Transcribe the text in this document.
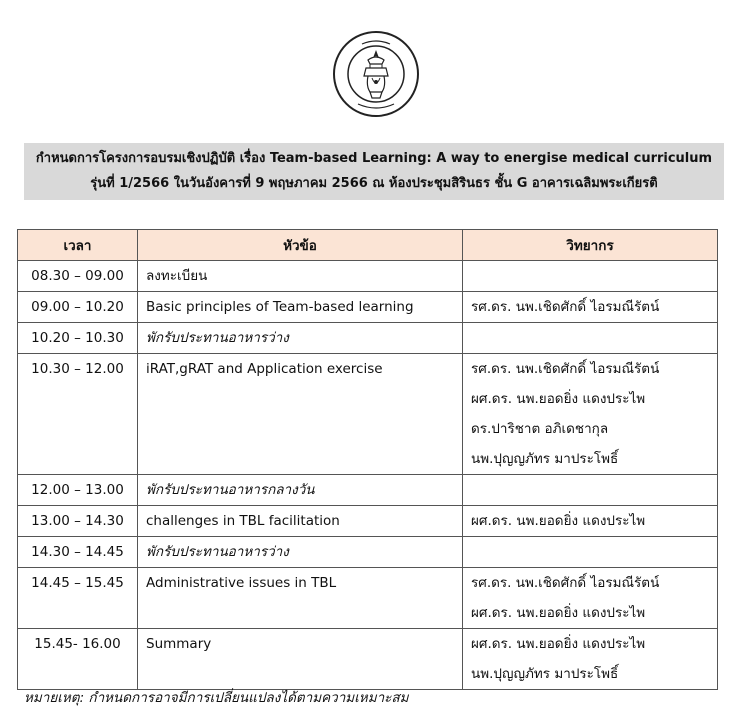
กำหนดการโครงการอบรมเชิงปฏิบัติ เรื่อง Team-based Learning: A way to energise medical curriculum
รุ่นที่ 1/2566 ในวันอังคารที่ 9 พฤษภาคม 2566 ณ ห้องประชุมสิรินธร ชั้น G อาคารเฉลิมพระเกียรติ
เวลา	หัวข้อ	วิทยากร
08.30 – 09.00	ลงทะเบียน	
09.00 – 10.20	Basic principles of Team-based learning	รศ.ดร. นพ.เชิดศักดิ์ ไอรมณีรัตน์

10.20 – 10.30	พักรับประทานอาหารว่าง	
10.30 – 12.00	iRAT,gRAT and Application exercise	รศ.ดร. นพ.เชิดศักดิ์ ไอรมณีรัตน์
ผศ.ดร. นพ.ยอดยิ่ง แดงประไพ
ดร.ปาริชาต อภิเดชากุล
นพ.ปุญญภัทร มาประโพธิ์

12.00 – 13.00	พักรับประทานอาหารกลางวัน	
13.00 – 14.30	challenges in TBL facilitation	ผศ.ดร. นพ.ยอดยิ่ง แดงประไพ

14.30 – 14.45	พักรับประทานอาหารว่าง	
14.45 – 15.45	Administrative issues in TBL	รศ.ดร. นพ.เชิดศักดิ์ ไอรมณีรัตน์
ผศ.ดร. นพ.ยอดยิ่ง แดงประไพ

15.45- 16.00	Summary	ผศ.ดร. นพ.ยอดยิ่ง แดงประไพ
นพ.ปุญญภัทร มาประโพธิ์
หมายเหตุ: กำหนดการอาจมีการเปลี่ยนแปลงได้ตามความเหมาะสม
